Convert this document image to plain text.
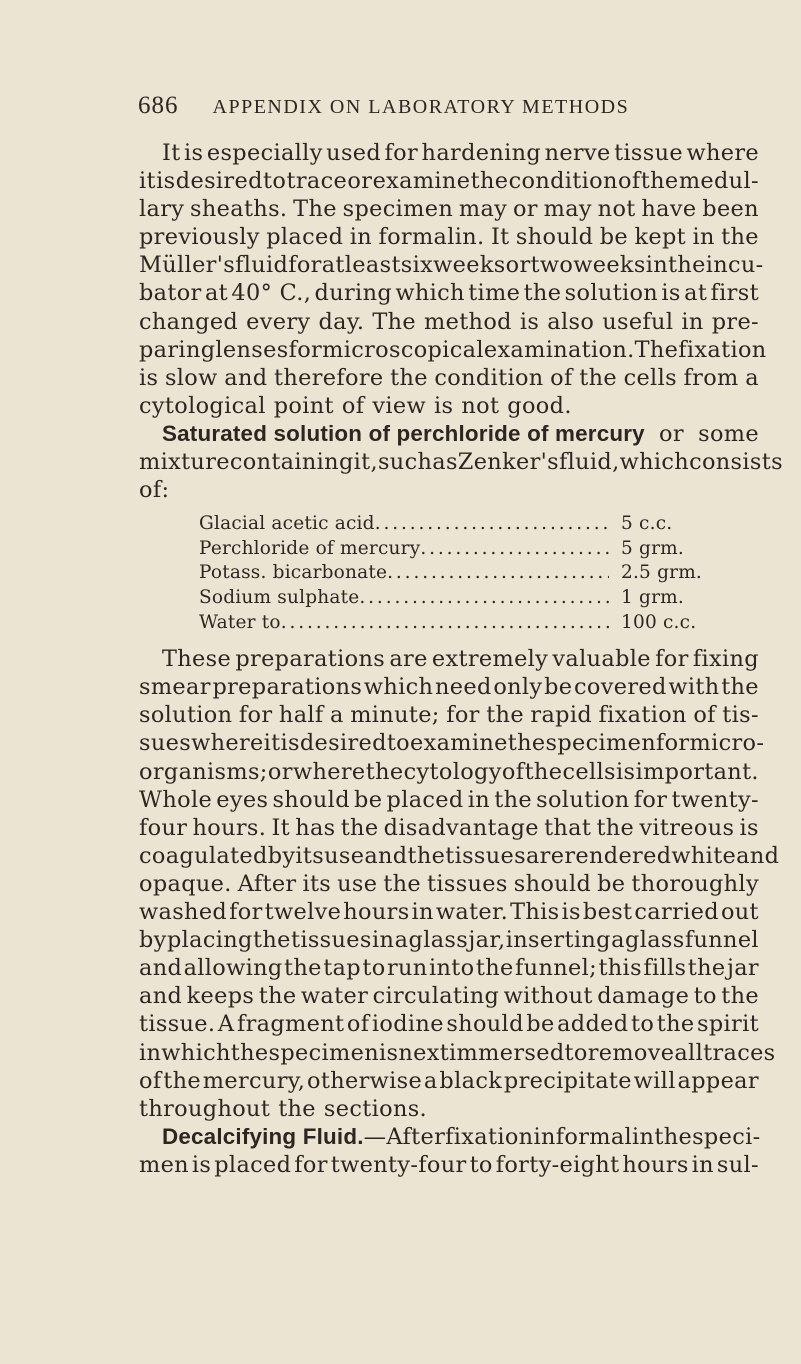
686 APPENDIX ON LABORATORY METHODS
It is especially used for hardening nerve tissue where
it is desired to trace or examine the condition of the medul-
lary sheaths. The specimen may or may not have been
previously placed in formalin. It should be kept in the
Müller's fluid for at least six weeks or two weeks in the incu-
bator at 40° C., during which time the solution is at first
changed every day. The method is also useful in pre-
paring lenses for microscopical examination. The fixation
is slow and therefore the condition of the cells from a
cytological point of view is not good.
Saturated solution of perchloride of mercury or some
mixture containing it, such as Zenker's fluid, which consists
of:
Glacial acetic acid . . .	5 c.c.
Perchloride of mercury . . .	5 grm.
Potass. bicarbonate . . .	2.5 grm.
Sodium sulphate . . .	1 grm.
Water to . . .	100 c.c.
These preparations are extremely valuable for fixing
smear preparations which need only be covered with the
solution for half a minute; for the rapid fixation of tis-
sues where it is desired to examine the specimen for micro-
organisms; or where the cytology of the cells is important.
Whole eyes should be placed in the solution for twenty-
four hours. It has the disadvantage that the vitreous is
coagulated by its use and the tissues are rendered white and
opaque. After its use the tissues should be thoroughly
washed for twelve hours in water. This is best carried out
by placing the tissues in a glass jar, inserting a glass funnel
and allowing the tap to run into the funnel; this fills the jar
and keeps the water circulating without damage to the
tissue. A fragment of iodine should be added to the spirit
in which the specimen is next immersed to remove all traces
of the mercury, otherwise a black precipitate will appear
throughout the sections.
Decalcifying Fluid. —After fixation in formalin the speci-
men is placed for twenty-four to forty-eight hours in sul-
